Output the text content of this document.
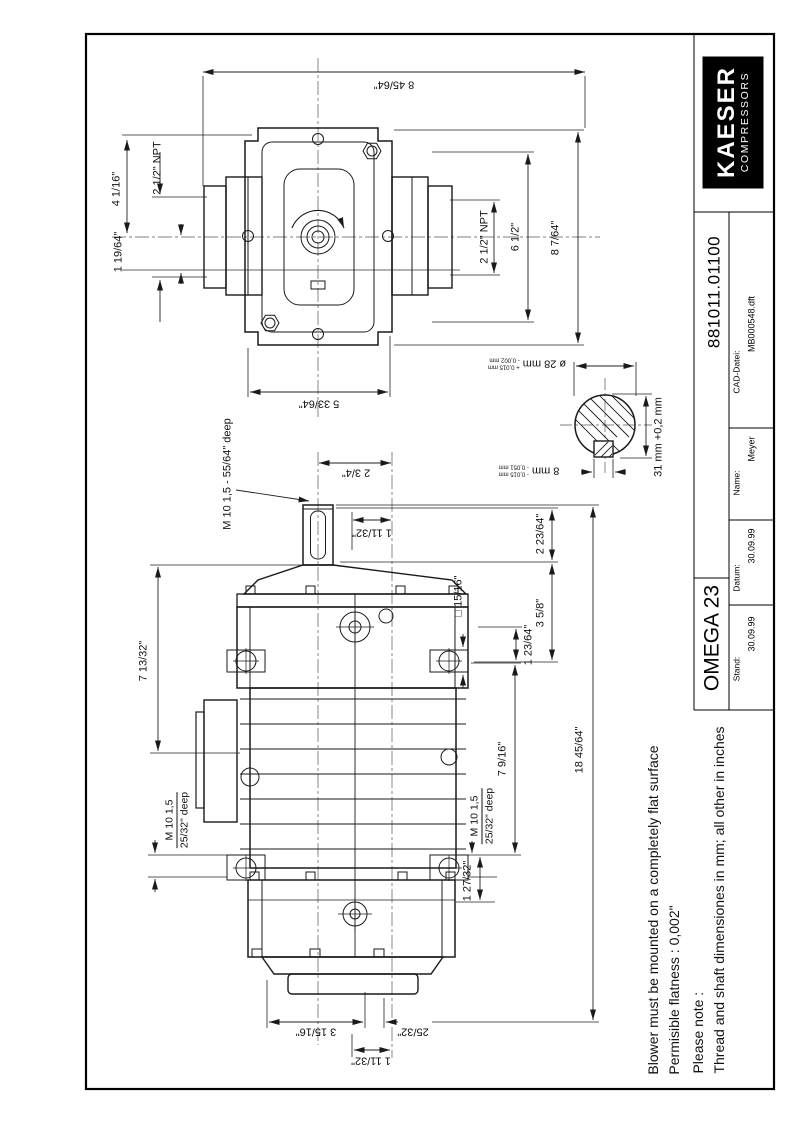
8 45/64"
5 33/64"
4 1/16"	2 1/2" NPT
1 19/64"	2 1/2" NPT 6 1/2"	8 7/64"
2 3/4"
M 10 1,5 - 55/64" deep
1 11/32"
□ 15/16"
2 23/64"
3 5/8"
1 23/64"
7 13/32"
M 10 1,5 25/32" deep	M 10 1,5 25/32" deep
7 9/16"
1 27/32"
18 45/64"
3 15/16"	25/32"
1 11/32"
ø 28 mm
+ 0,015 mm
- 0,002 mm
8 mm
- 0,015 mm
- 0,051 mm	31 mm +0,2 mm
Please note : Thread and shaft dimensiones in mm; all other in inches
Blower must be mounted on a completely flat surface Permisible flatness : 0,002"
KAESER COMPRESSORS
881011.01100
OMEGA 23
CAD-Datei:
MB000548.dft
Name:
Meyer
Datum:
30.09.99
Stand:
30.09.99
